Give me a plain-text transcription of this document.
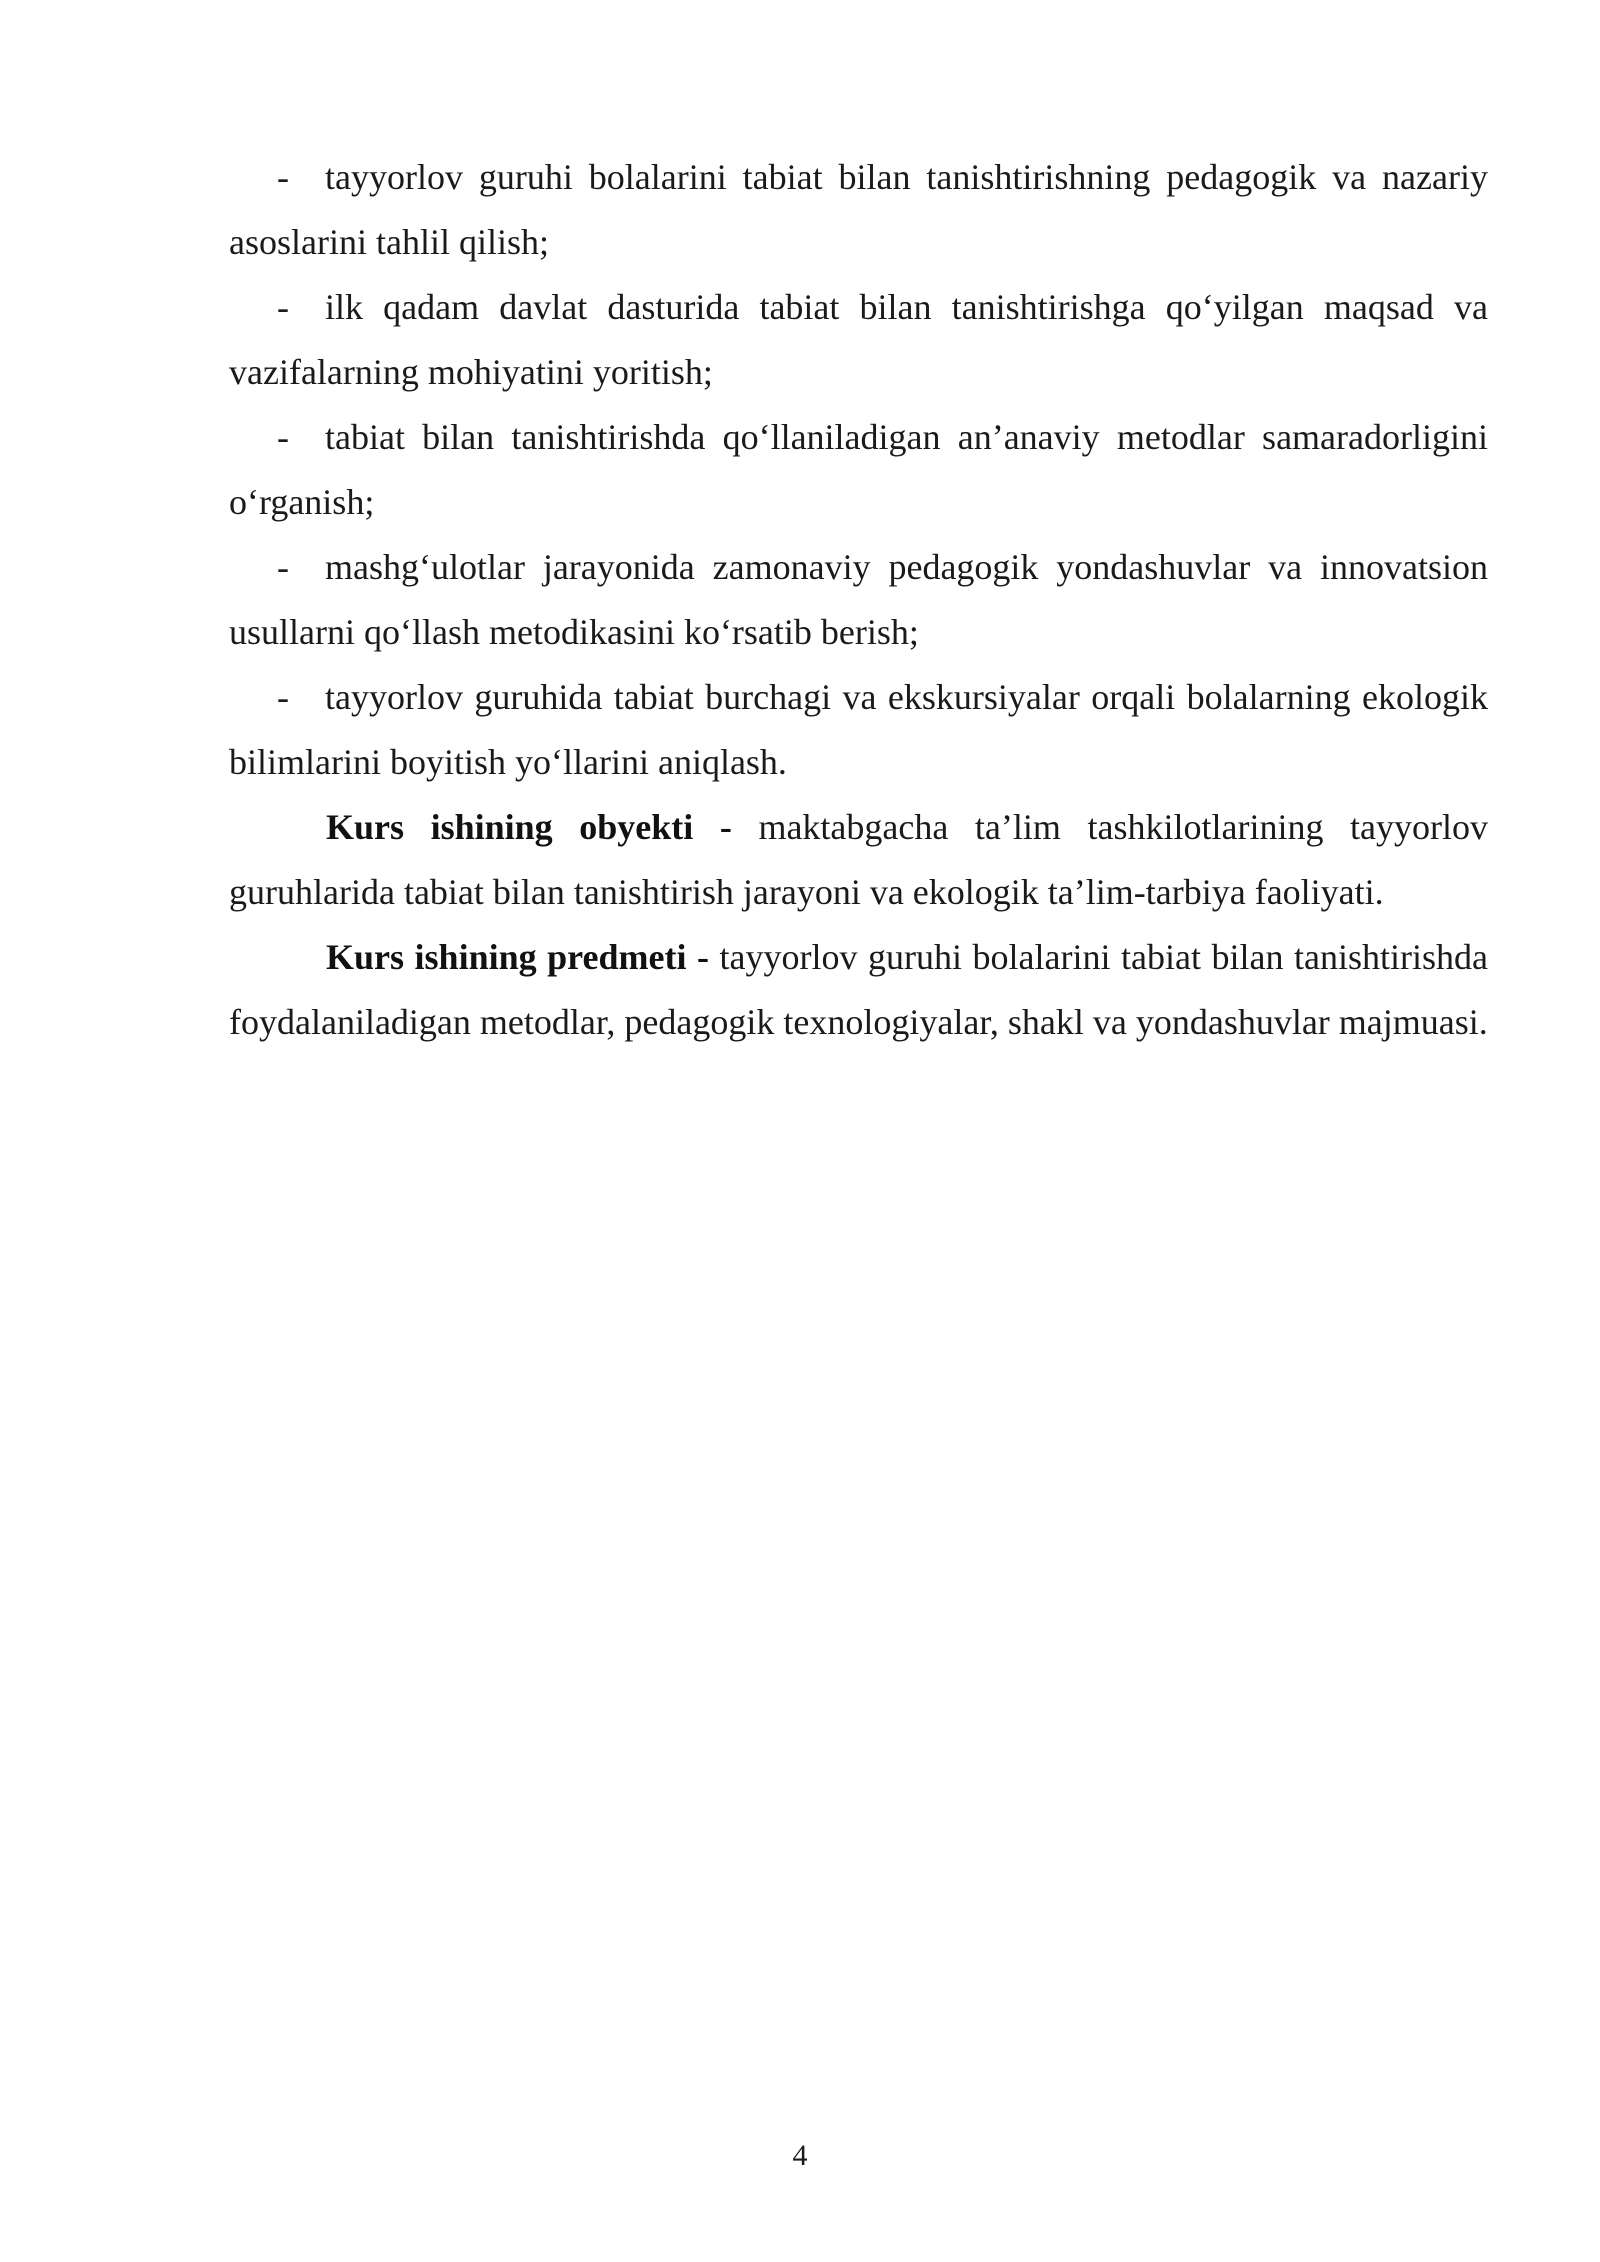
- tayyorlov guruhi bolalarini tabiat bilan tanishtirishning pedagogik va nazariy asoslarini tahlil qilish;

- ilk qadam davlat dasturida tabiat bilan tanishtirishga qo‘yilgan maqsad va vazifalarning mohiyatini yoritish;

- tabiat bilan tanishtirishda qo‘llaniladigan an’anaviy metodlar samaradorligini o‘rganish;

- mashg‘ulotlar jarayonida zamonaviy pedagogik yondashuvlar va innovatsion usullarni qo‘llash metodikasini ko‘rsatib berish;

- tayyorlov guruhida tabiat burchagi va ekskursiyalar orqali bolalarning ekologik bilimlarini boyitish yo‘llarini aniqlash.

Kurs ishining obyekti - maktabgacha ta’lim tashkilotlarining tayyorlov guruhlarida tabiat bilan tanishtirish jarayoni va ekologik ta’lim-tarbiya faoliyati.

Kurs ishining predmeti - tayyorlov guruhi bolalarini tabiat bilan tanishtirishda foydalaniladigan metodlar, pedagogik texnologiyalar, shakl va yondashuvlar majmuasi.

4
